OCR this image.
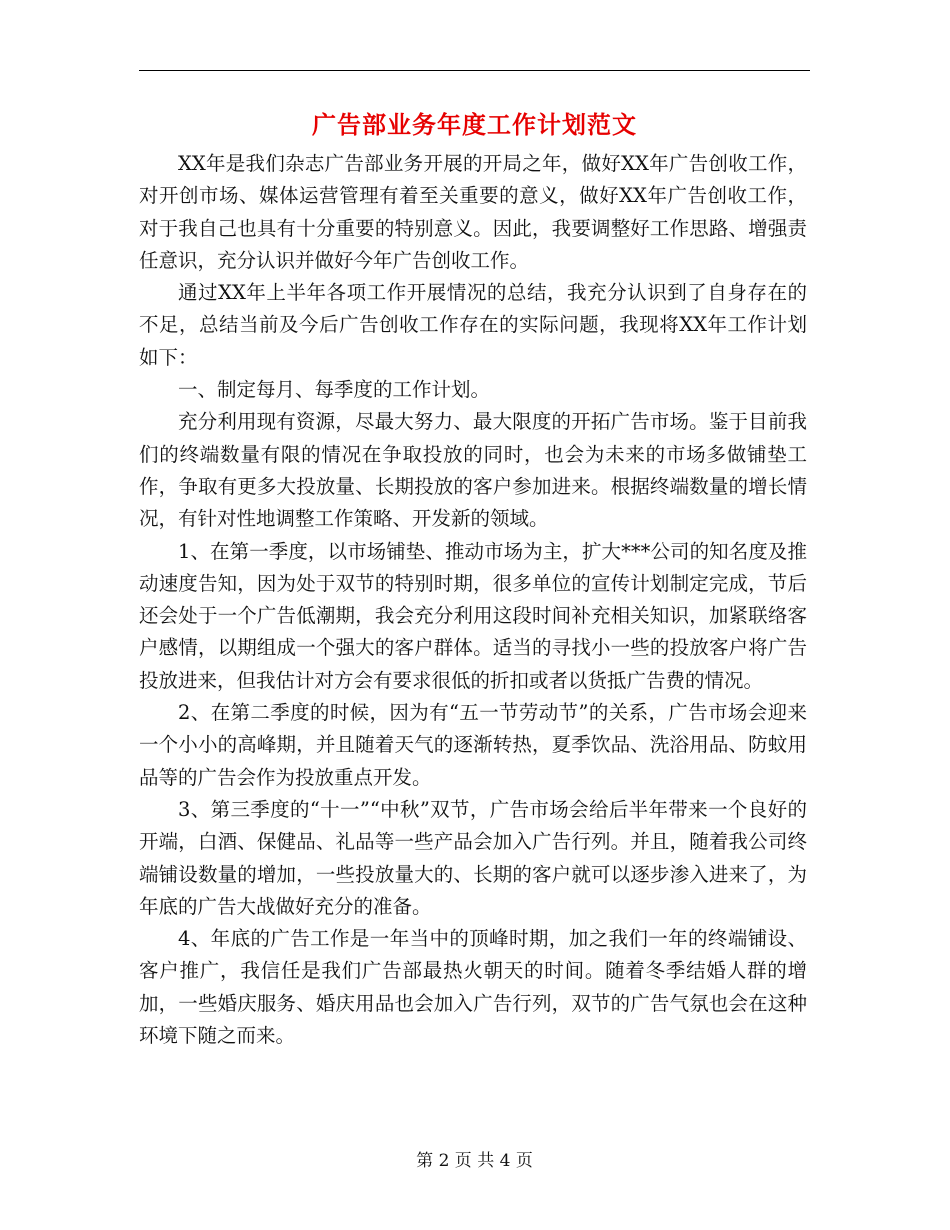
广告部业务年度工作计划范文

XX年是我们杂志广告部业务开展的开局之年，做好XX年广告创收工作，对开创市场、媒体运营管理有着至关重要的意义，做好XX年广告创收工作，对于我自己也具有十分重要的特别意义。因此，我要调整好工作思路、增强责任意识，充分认识并做好今年广告创收工作。

通过XX年上半年各项工作开展情况的总结，我充分认识到了自身存在的不足，总结当前及今后广告创收工作存在的实际问题，我现将XX年工作计划如下：

一、制定每月、每季度的工作计划。

充分利用现有资源，尽最大努力、最大限度的开拓广告市场。鉴于目前我们的终端数量有限的情况在争取投放的同时，也会为未来的市场多做铺垫工作，争取有更多大投放量、长期投放的客户参加进来。根据终端数量的增长情况，有针对性地调整工作策略、开发新的领域。

1、在第一季度，以市场铺垫、推动市场为主，扩大***公司的知名度及推动速度告知，因为处于双节的特别时期，很多单位的宣传计划制定完成，节后还会处于一个广告低潮期，我会充分利用这段时间补充相关知识，加紧联络客户感情，以期组成一个强大的客户群体。适当的寻找小一些的投放客户将广告投放进来，但我估计对方会有要求很低的折扣或者以货抵广告费的情况。

2、在第二季度的时候，因为有“五一节劳动节”的关系，广告市场会迎来一个小小的高峰期，并且随着天气的逐渐转热，夏季饮品、洗浴用品、防蚊用品等的广告会作为投放重点开发。

3、第三季度的“十一”“中秋”双节，广告市场会给后半年带来一个良好的开端，白酒、保健品、礼品等一些产品会加入广告行列。并且，随着我公司终端铺设数量的增加，一些投放量大的、长期的客户就可以逐步渗入进来了，为年底的广告大战做好充分的准备。

4、年底的广告工作是一年当中的顶峰时期，加之我们一年的终端铺设、客户推广，我信任是我们广告部最热火朝天的时间。随着冬季结婚人群的增加，一些婚庆服务、婚庆用品也会加入广告行列，双节的广告气氛也会在这种环境下随之而来。

第 2 页 共 4 页
